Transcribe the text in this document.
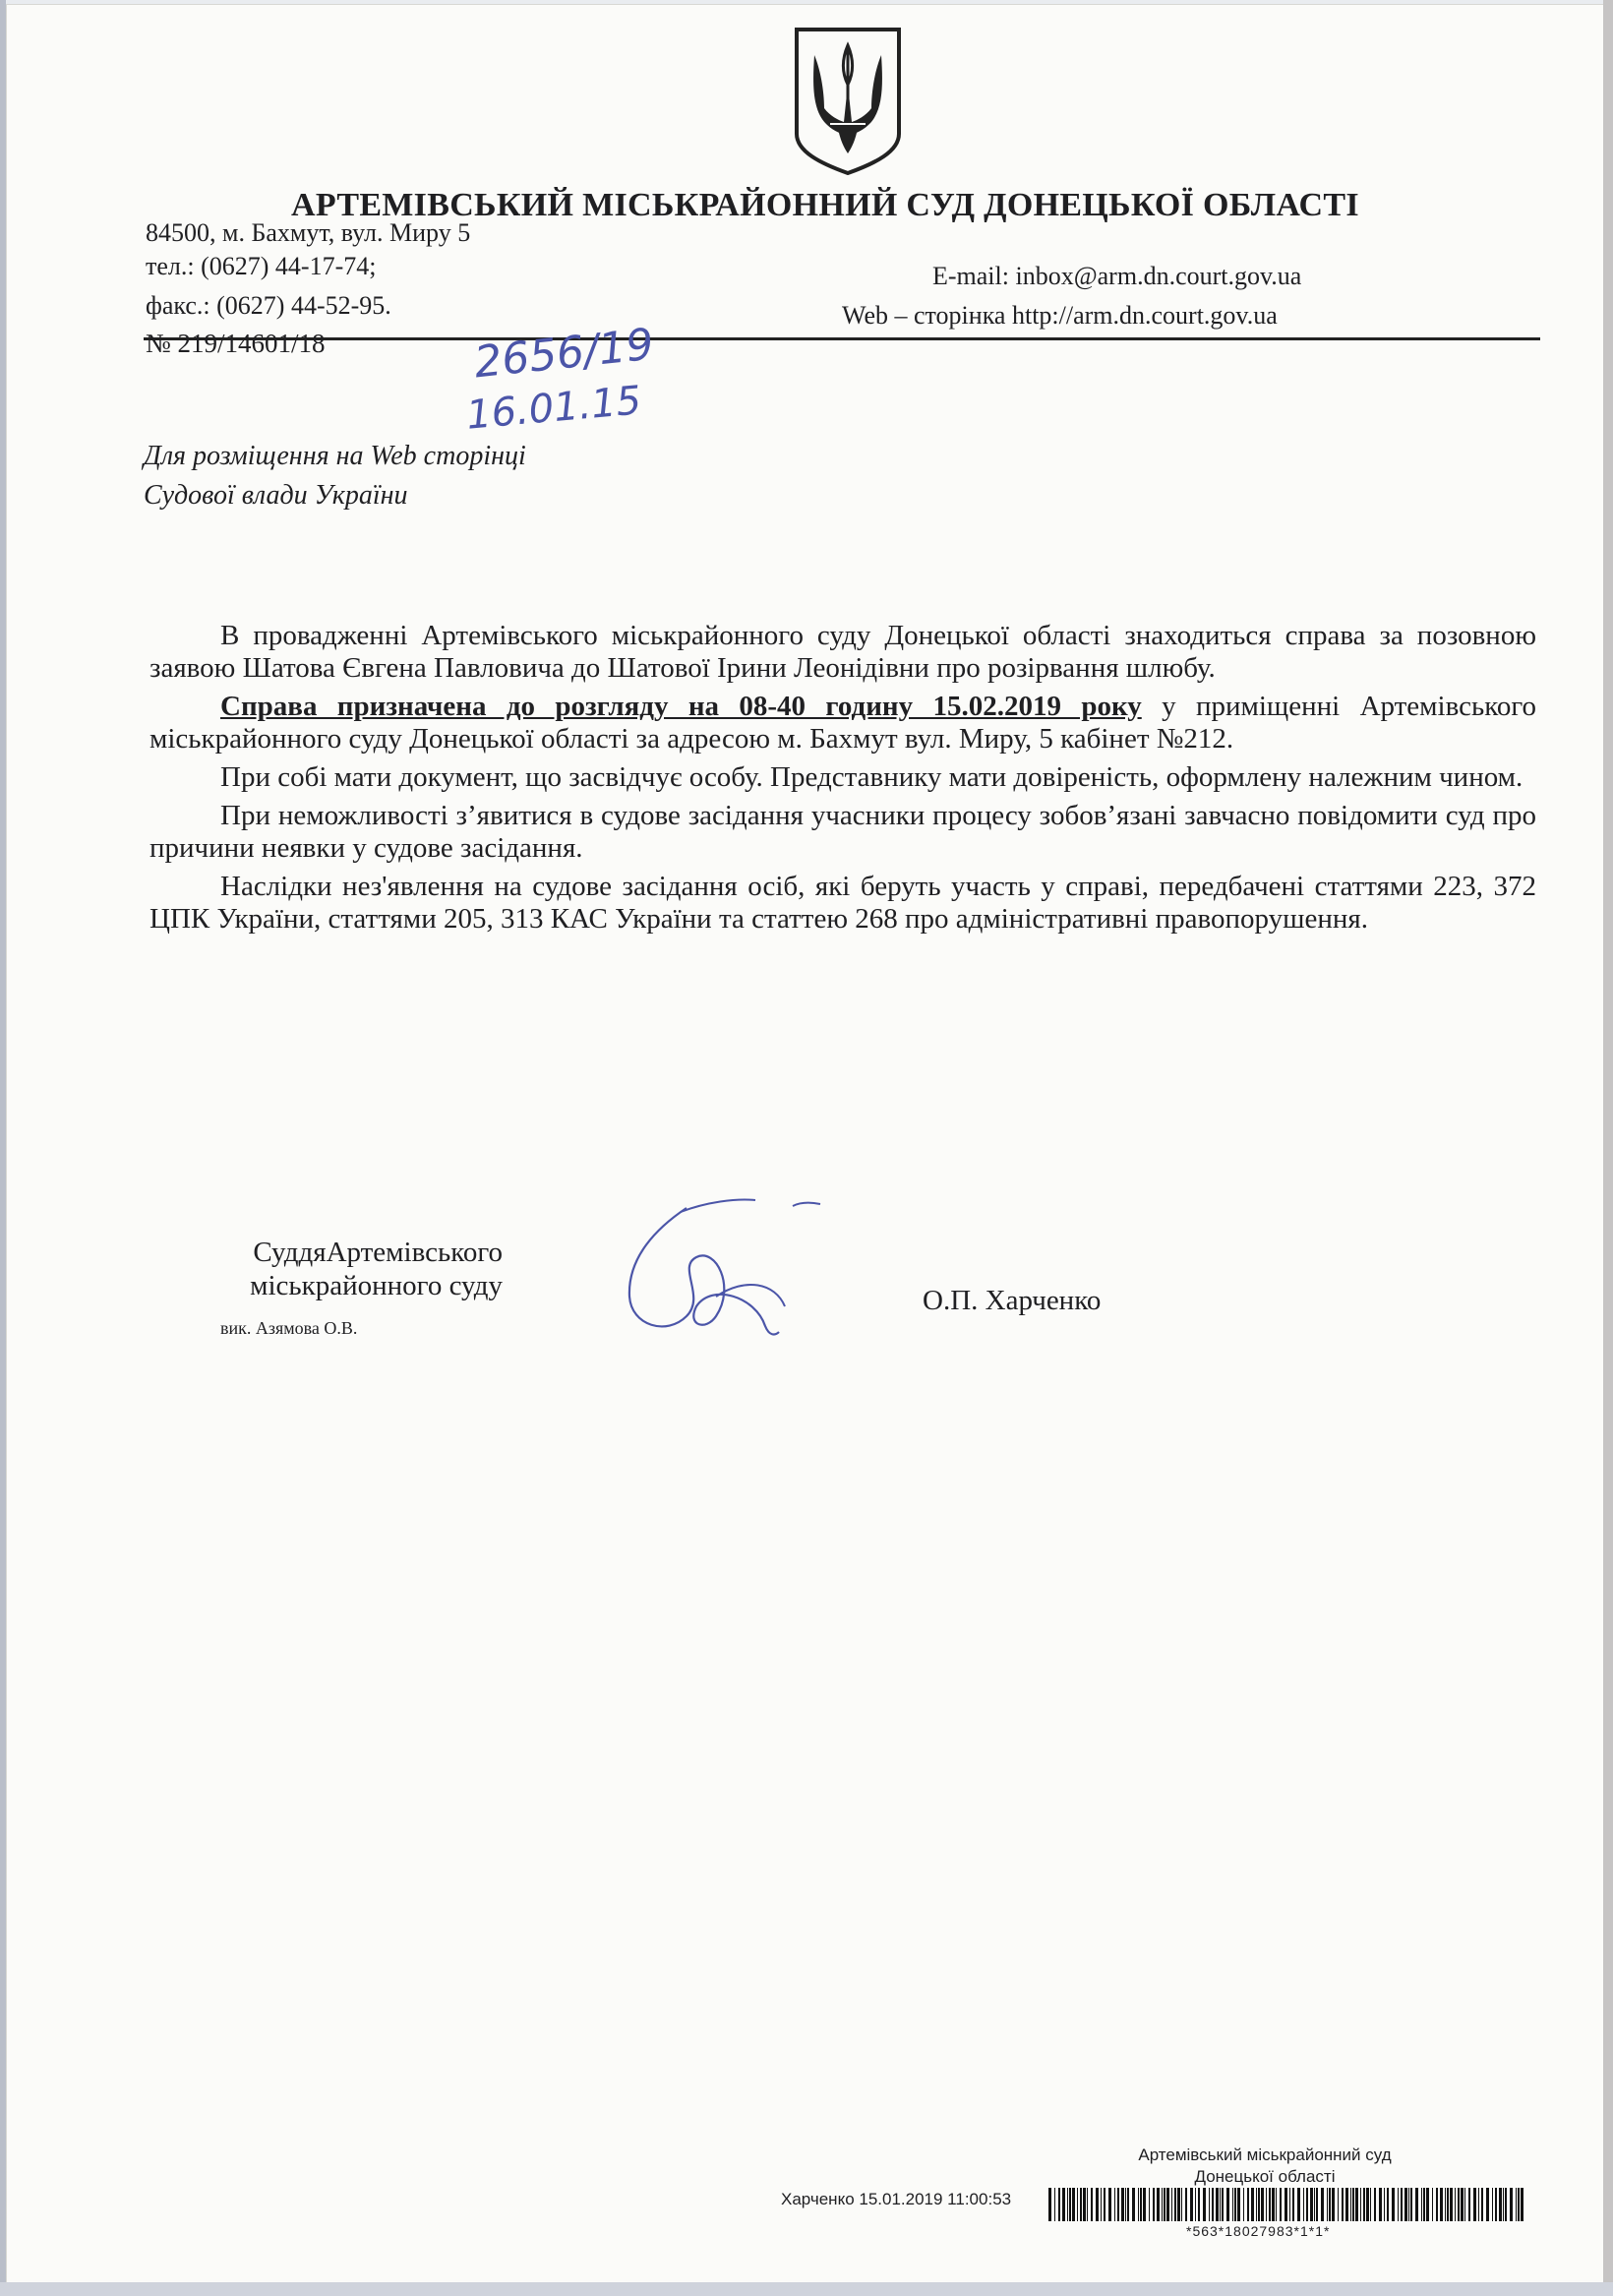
АРТЕМІВСЬКИЙ МІСЬКРАЙОННИЙ СУД ДОНЕЦЬКОЇ ОБЛАСТІ
84500, м. Бахмут, вул. Миру 5
тел.: (0627) 44-17-74;
факс.: (0627) 44-52-95.
E-mail: inbox@arm.dn.court.gov.ua
Web – сторінка http://arm.dn.court.gov.ua
№ 219/14601/18	2656/19
16.01.15
Для розміщення на Web сторінці
Судової влади України

В провадженні Артемівського міськрайонного суду Донецької області знаходиться справа за позовною заявою Шатова Євгена Павловича до Шатової Ірини Леонідівни про розірвання шлюбу.

Справа призначена до розгляду на 08-40 годину 15.02.2019 року у приміщенні Артемівського міськрайонного суду Донецької області за адресою м. Бахмут вул. Миру, 5 кабінет №212.

При собі мати документ, що засвідчує особу. Представнику мати довіреність, оформлену належним чином.

При неможливості з’явитися в судове засідання учасники процесу зобов’язані завчасно повідомити суд про причини неявки у судове засідання.

Наслідки нез'явлення на судове засідання осіб, які беруть участь у справі, передбачені статтями 223, 372 ЦПК України, статтями 205, 313 КАС України та статтею 268 про адміністративні правопорушення.

СуддяАртемівського
міськрайонного суду
вик. Азямова О.В.
О.П. Харченко
Артемівський міськрайонний суд
Донецької області
Харченко 15.01.2019 11:00:53
*563*18027983*1*1*
